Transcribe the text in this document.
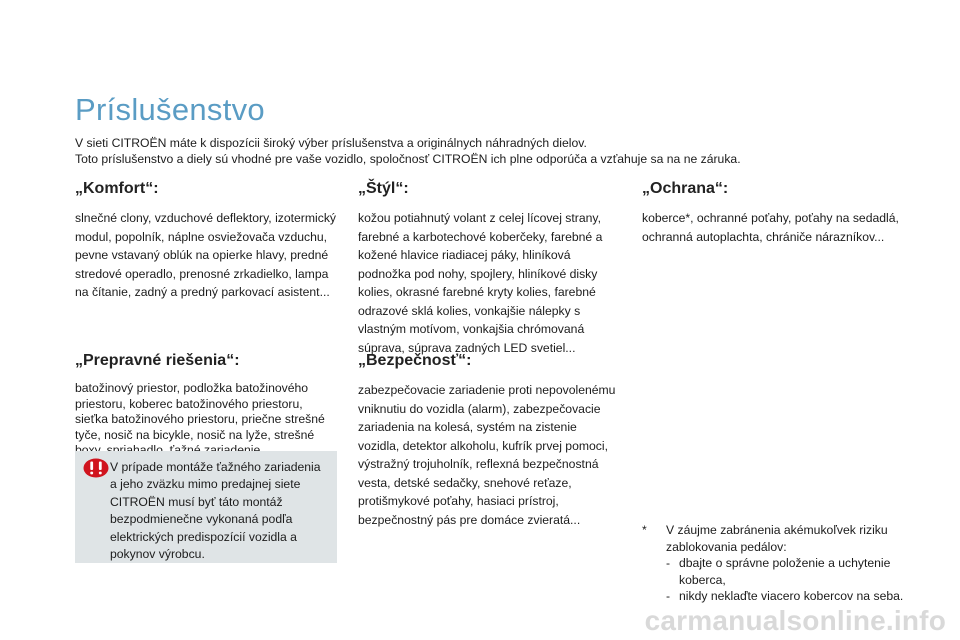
Príslušenstvo
V sieti CITROËN máte k dispozícii široký výber príslušenstva a originálnych náhradných dielov.
Toto príslušenstvo a diely sú vhodné pre vaše vozidlo, spoločnosť CITROËN ich plne odporúča a vzťahuje sa na ne záruka.
„Komfort“:

slnečné clony, vzduchové deflektory, izotermický modul, popolník, náplne osviežovača vzduchu, pevne vstavaný oblúk na opierke hlavy, predné stredové operadlo, prenosné zrkadielko, lampa na čítanie, zadný a predný parkovací asistent...

„Štýl“:

kožou potiahnutý volant z celej lícovej strany, farebné a karbotechové koberčeky, farebné a kožené hlavice riadiacej páky, hliníková podnožka pod nohy, spojlery, hliníkové disky kolies, okrasné farebné kryty kolies, farebné odrazové sklá kolies, vonkajšie nálepky s vlastným motívom, vonkajšia chrómovaná súprava, súprava zadných LED svetiel...

„Ochrana“:

koberce*, ochranné poťahy, poťahy na sedadlá, ochranná autoplachta, chrániče nárazníkov...

„Prepravné riešenia“:

batožinový priestor, podložka batožinového priestoru, koberec batožinového priestoru, sieťka batožinového priestoru, priečne strešné tyče, nosič na bicykle, nosič na lyže, strešné

„Bezpečnosť“:

zabezpečovacie zariadenie proti nepovolenému vniknutiu do vozidla (alarm), zabezpečovacie zariadenia na kolesá, systém na zistenie vozidla, detektor alkoholu, kufrík prvej pomoci, výstražný trojuholník, reflexná bezpečnostná vesta, detské sedačky, snehové reťaze, protišmykové poťahy, hasiaci prístroj, bezpečnostný pás pre domáce zvieratá...

V prípade montáže ťažného zariadenia a jeho zväzku mimo predajnej siete CITROËN musí byť táto montáž bezpodmienečne vykonaná podľa elektrických predispozícií vozidla a pokynov výrobcu.

* V záujme zabránenia akémukoľvek riziku zablokovania pedálov:
- dbajte o správne položenie a uchytenie koberca,
- nikdy neklaďte viacero kobercov na seba.
carmanualsonline.info
